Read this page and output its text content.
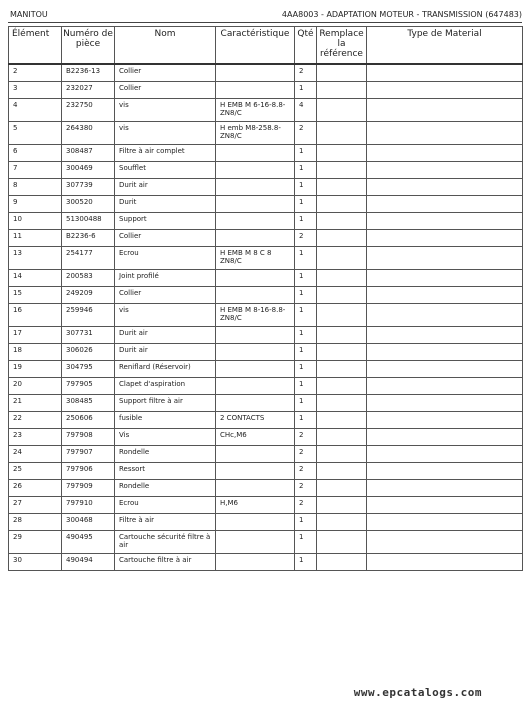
MANITOU	4AA8003 - ADAPTATION MOTEUR - TRANSMISSION (647483)
Élément	Numéro de pièce	Nom	Caractéristique	Qté	Remplace la référence	Type de Material
2	B2236-13	Collier		2		
3	232027	Collier		1		
4	232750	vis	H EMB M 6-16-8.8-ZN8/C	4		
5	264380	vis	H emb M8-258.8-ZN8/C	2		
6	308487	Filtre à air complet		1		
7	300469	Soufflet		1		
8	307739	Durit air		1		
9	300520	Durit		1		
10	51300488	Support		1		
11	B2236-6	Collier		2		
13	254177	Ecrou	H EMB M 8 C 8 ZN8/C	1		
14	200583	Joint profilé		1		
15	249209	Collier		1		
16	259946	vis	H EMB M 8-16-8.8-ZN8/C	1		
17	307731	Durit air		1		
18	306026	Durit air		1		
19	304795	Reniflard (Réservoir)		1		
20	797905	Clapet d'aspiration		1		
21	308485	Support filtre à air		1		
22	250606	fusible	2 CONTACTS	1		
23	797908	Vis	CHc,M6	2		
24	797907	Rondelle		2		
25	797906	Ressort		2		
26	797909	Rondelle		2		
27	797910	Ecrou	H,M6	2		
28	300468	Filtre à air		1		
29	490495	Cartouche sécurité filtre à air		1		
30	490494	Cartouche filtre à air		1		
www.epcatalogs.com
